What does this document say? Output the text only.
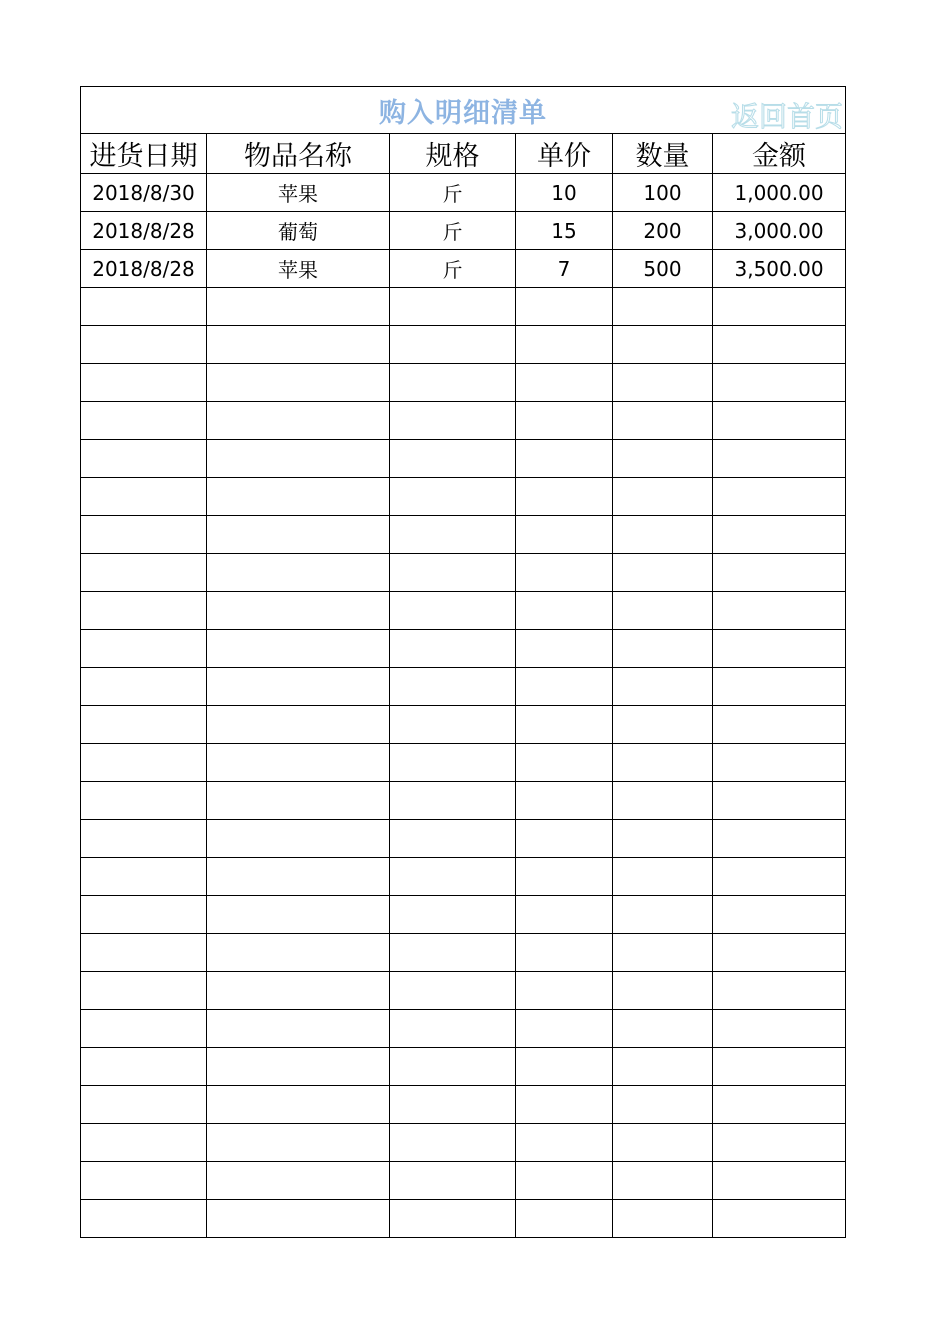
购入明细清单 返回首页					

进货日期	物品名称	规格	单价	数量	金额
2018/8/30	苹果	斤	10	100	1,000.00
2018/8/28	葡萄	斤	15	200	3,000.00
2018/8/28	苹果	斤	7	500	3,500.00
